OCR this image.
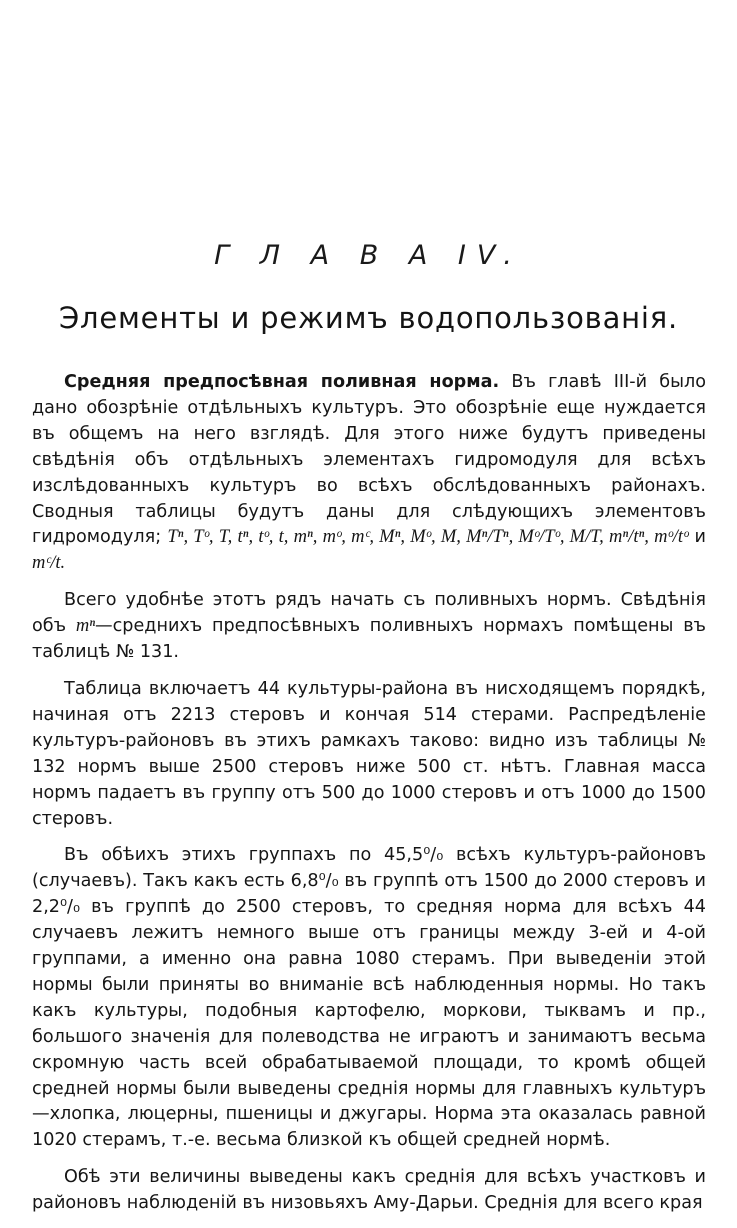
Г Л А В А IV.
Элементы и режимъ водопользованія.

Средняя предпосѣвная поливная норма. Въ главѣ III-й было дано обозрѣніе отдѣльныхъ культуръ. Это обозрѣніе еще нуждается въ общемъ на него взглядѣ. Для этого ниже будутъ приведены свѣдѣнія объ отдѣльныхъ элементахъ гидромодуля для всѣхъ изслѣдованныхъ культуръ во всѣхъ обслѣдованныхъ районахъ. Сводныя таблицы будутъ даны для слѣдующихъ элементовъ гидромодуля; Tⁿ, Tᵒ, T, tⁿ, tᵒ, t, mⁿ, mᵒ, mᶜ, Mⁿ, Mᵒ, M, Mⁿ/Tⁿ, Mᵒ/Tᵒ, M/T, mⁿ/tⁿ, mᵒ/tᵒ и mᶜ/t.

Всего удобнѣе этотъ рядъ начать съ поливныхъ нормъ. Свѣдѣнія объ mⁿ—среднихъ предпосѣвныхъ поливныхъ нормахъ помѣщены въ таблицѣ № 131.

Таблица включаетъ 44 культуры-района въ нисходящемъ порядкѣ, начиная отъ 2213 стеровъ и кончая 514 стерами. Распредѣленіе культуръ-районовъ въ этихъ рамкахъ таково: видно изъ таблицы № 132 нормъ выше 2500 стеровъ ниже 500 ст. нѣтъ. Главная масса нормъ падаетъ въ группу отъ 500 до 1000 стеровъ и отъ 1000 до 1500 стеровъ.

Въ обѣихъ этихъ группахъ по 45,5⁰/₀ всѣхъ культуръ-районовъ (случаевъ). Такъ какъ есть 6,8⁰/₀ въ группѣ отъ 1500 до 2000 стеровъ и 2,2⁰/₀ въ группѣ до 2500 стеровъ, то средняя норма для всѣхъ 44 случаевъ лежитъ немного выше отъ границы между 3-ей и 4-ой группами, а именно она равна 1080 стерамъ. При выведеніи этой нормы были приняты во вниманіе всѣ наблюденныя нормы. Но такъ какъ культуры, подобныя картофелю, моркови, тыквамъ и пр., большого значенія для полеводства не играютъ и занимаютъ весьма скромную часть всей обрабатываемой площади, то кромѣ общей средней нормы были выведены среднія нормы для главныхъ культуръ—хлопка, люцерны, пшеницы и джугары. Норма эта оказалась равной 1020 стерамъ, т.-е. весьма близкой къ общей средней нормѣ.

Обѣ эти величины выведены какъ среднія для всѣхъ участковъ и районовъ наблюденій въ низовьяхъ Аму-Дарьи. Среднія для всего края
